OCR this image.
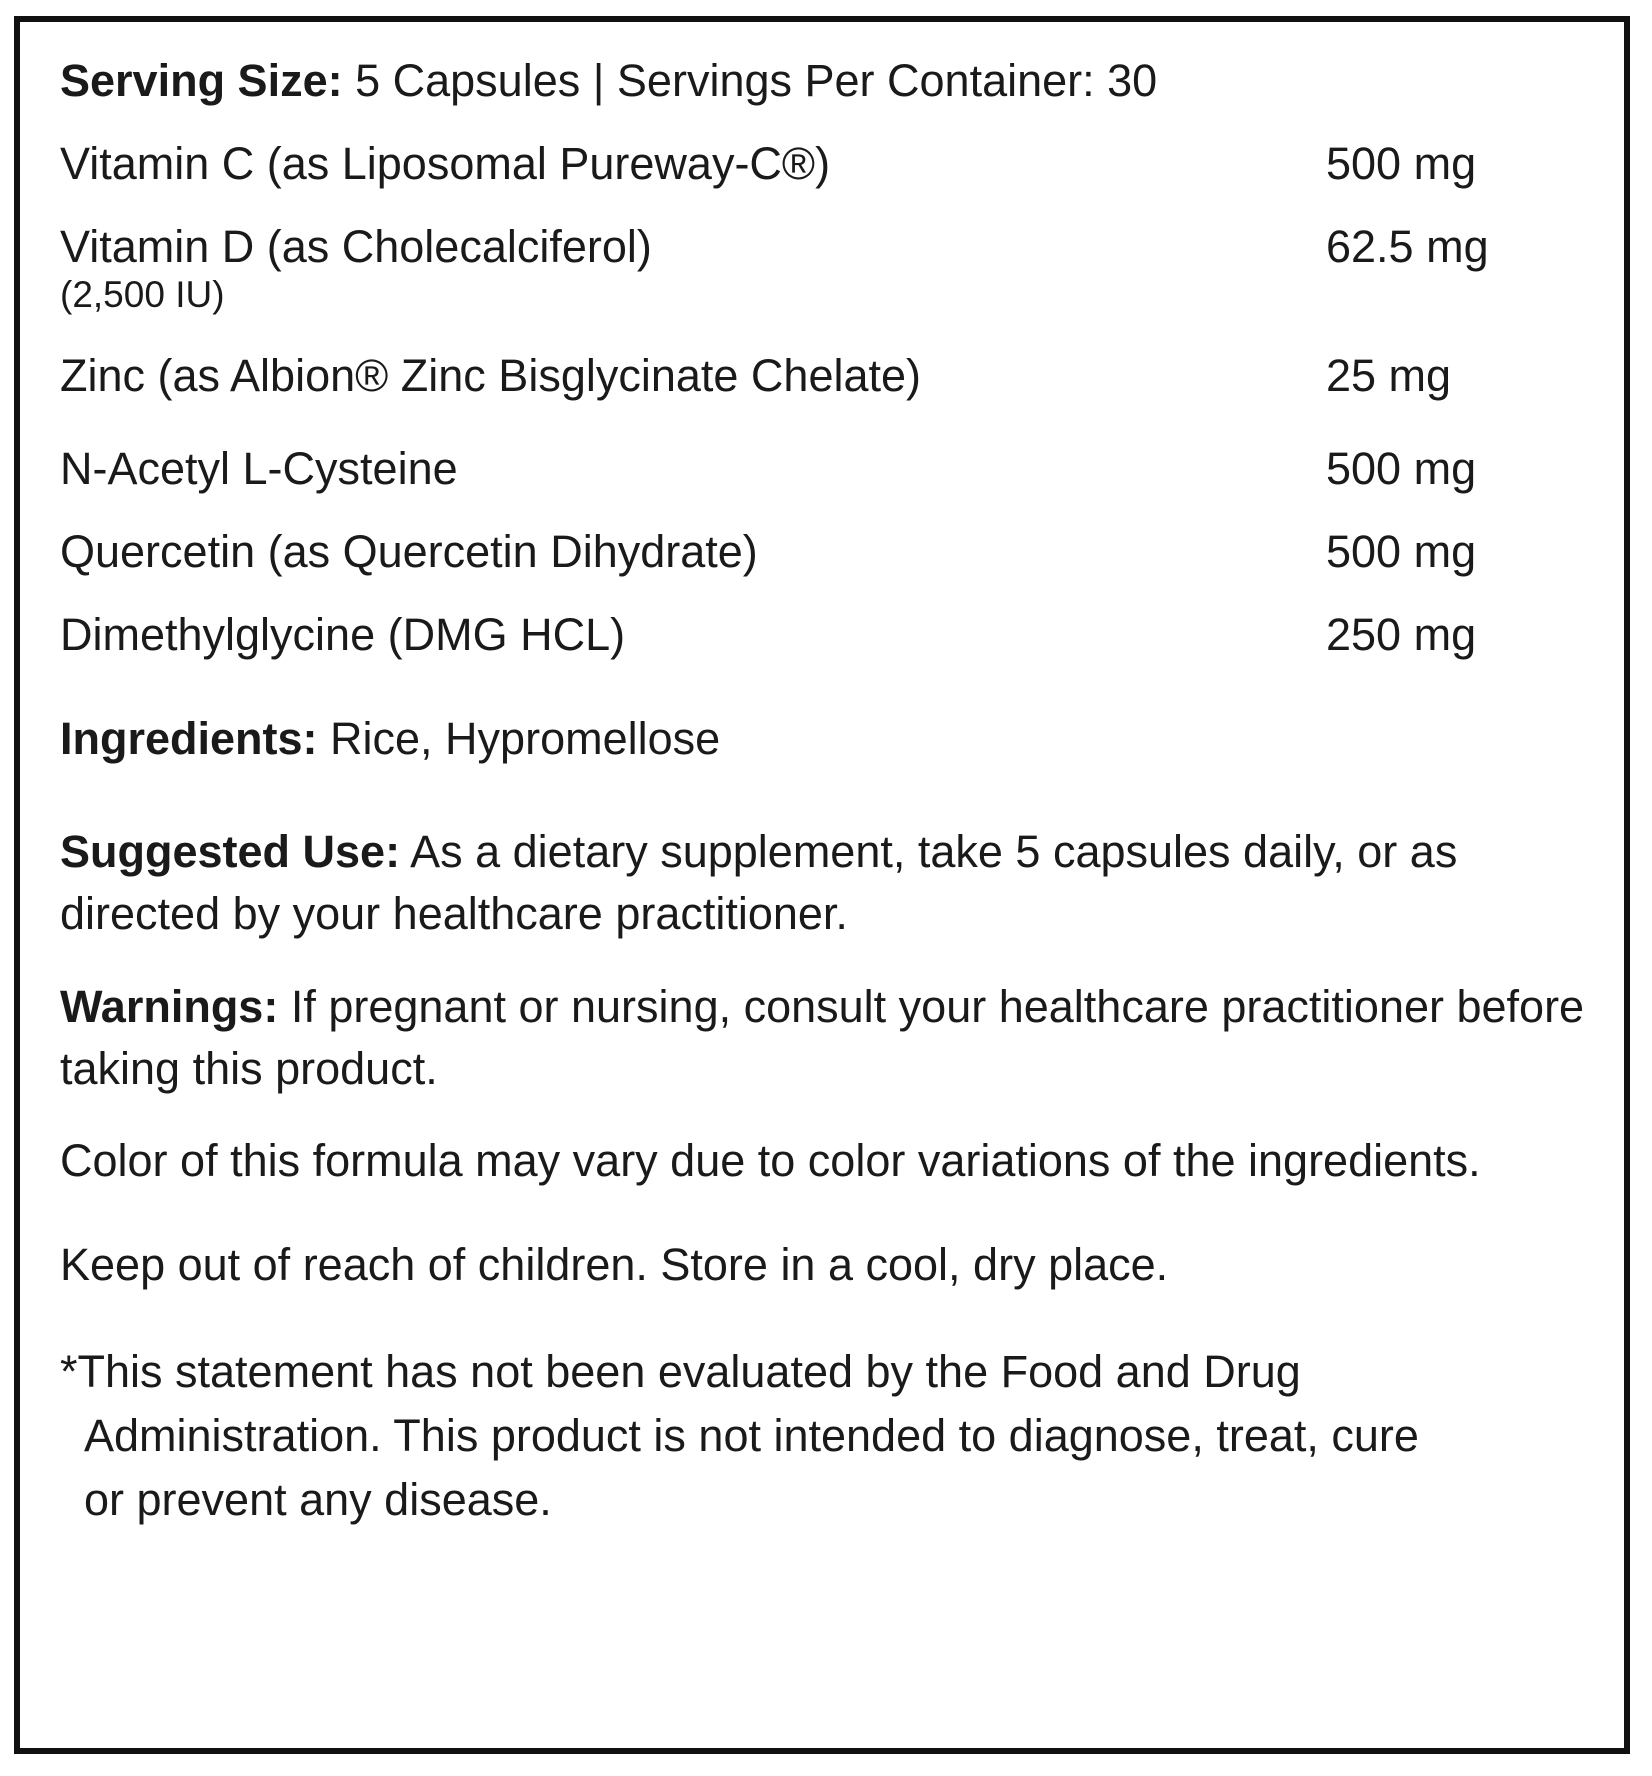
Serving Size: 5 Capsules | Servings Per Container: 30
Vitamin C (as Liposomal Pureway-C®)	500 mg
Vitamin D (as Cholecalciferol)	62.5 mg
(2,500 IU)
Zinc (as Albion® Zinc Bisglycinate Chelate)	25 mg
N-Acetyl L-Cysteine	500 mg
Quercetin (as Quercetin Dihydrate)	500 mg
Dimethylglycine (DMG HCL)	250 mg
Ingredients: Rice, Hypromellose
Suggested Use: As a dietary supplement, take 5 capsules daily, or as directed by your healthcare practitioner.
Warnings: If pregnant or nursing, consult your healthcare practitioner before taking this product.
Color of this formula may vary due to color variations of the ingredients.
Keep out of reach of children. Store in a cool, dry place.
*This statement has not been evaluated by the Food and Drug
Administration. This product is not intended to diagnose, treat, cure
or prevent any disease.
